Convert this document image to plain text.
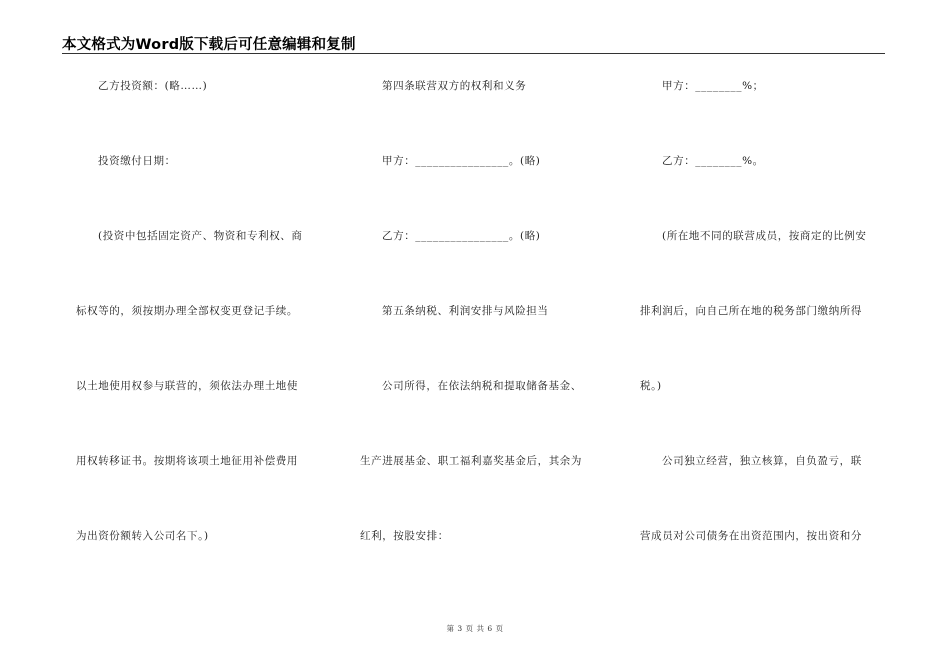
本文格式为Word版下载后可任意编辑和复制
乙方投资额：(略……)
投资缴付日期：
(投资中包括固定资产、物资和专利权、商
标权等的，须按期办理全部权变更登记手续。
以土地使用权参与联营的，须依法办理土地使
用权转移证书。按期将该项土地征用补偿费用
为出资份额转入公司名下。)
第四条联营双方的权利和义务
甲方：________________。(略)
乙方：________________。(略)
第五条纳税、利润安排与风险担当
公司所得，在依法纳税和提取储备基金、
生产进展基金、职工福利嘉奖基金后，其余为
红利，按股安排：
甲方：________%；
乙方：________%。
(所在地不同的联营成员，按商定的比例安
排利润后，向自己所在地的税务部门缴纳所得
税。)
公司独立经营，独立核算，自负盈亏，联
营成员对公司债务在出资范围内，按出资和分
第 3 页 共 6 页
